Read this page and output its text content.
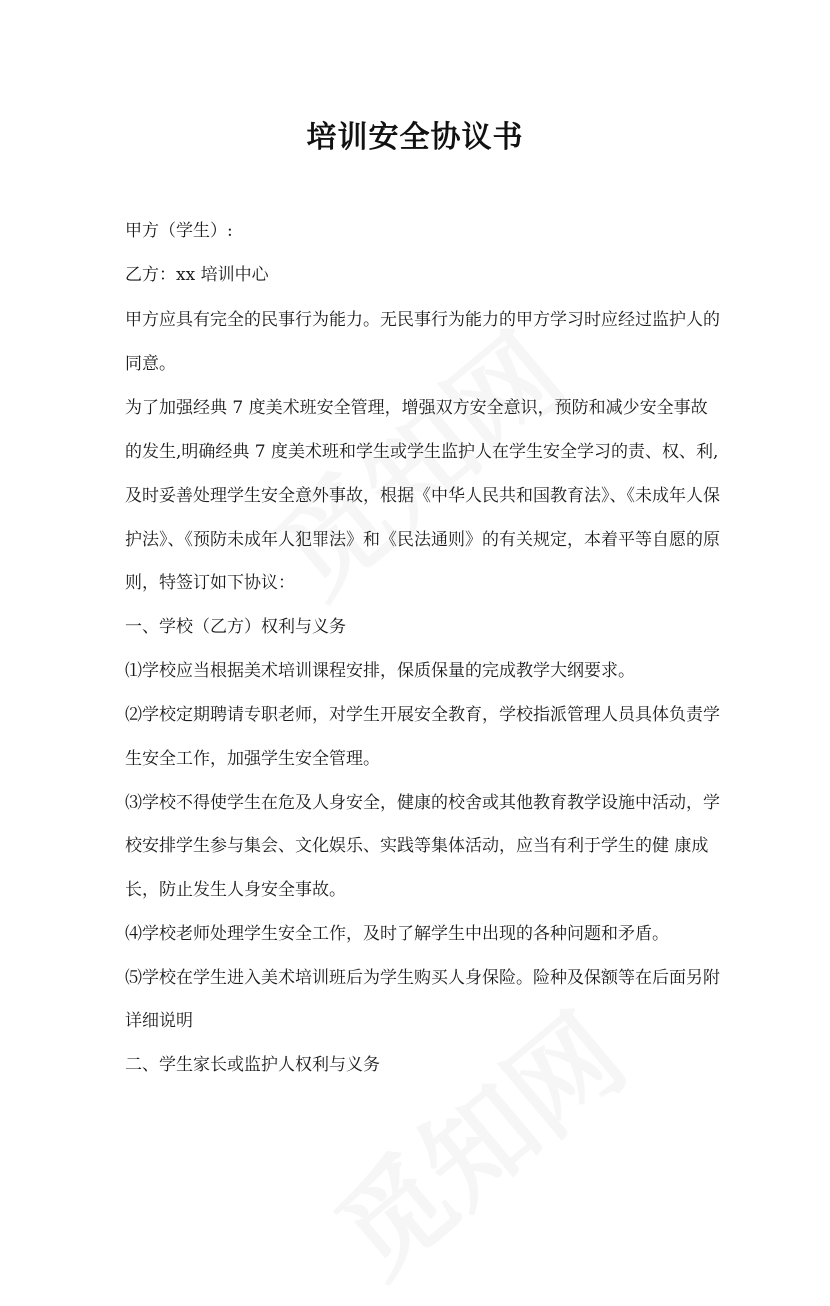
培训安全协议书
甲方（学生）:
乙方：xx 培训中心
甲方应具有完全的民事行为能力。无民事行为能力的甲方学习时应经过监护人的
同意。
为了加强经典 7 度美术班安全管理，增强双方安全意识，预防和减少安全事故
的发生,明确经典 7 度美术班和学生或学生监护人在学生安全学习的责、权、利,
及时妥善处理学生安全意外事故，根据《中华人民共和国教育法》、《未成年人保
护法》、《预防未成年人犯罪法》和《民法通则》的有关规定，本着平等自愿的原
则，特签订如下协议：
一、学校（乙方）权利与义务
⑴学校应当根据美术培训课程安排，保质保量的完成教学大纲要求。
⑵学校定期聘请专职老师，对学生开展安全教育，学校指派管理人员具体负责学
生安全工作，加强学生安全管理。
⑶学校不得使学生在危及人身安全，健康的校舍或其他教育教学设施中活动，学
校安排学生参与集会、文化娱乐、实践等集体活动，应当有利于学生的健 康成
长，防止发生人身安全事故。
⑷学校老师处理学生安全工作，及时了解学生中出现的各种问题和矛盾。
⑸学校在学生进入美术培训班后为学生购买人身保险。险种及保额等在后面另附
详细说明
二、学生家长或监护人权利与义务
